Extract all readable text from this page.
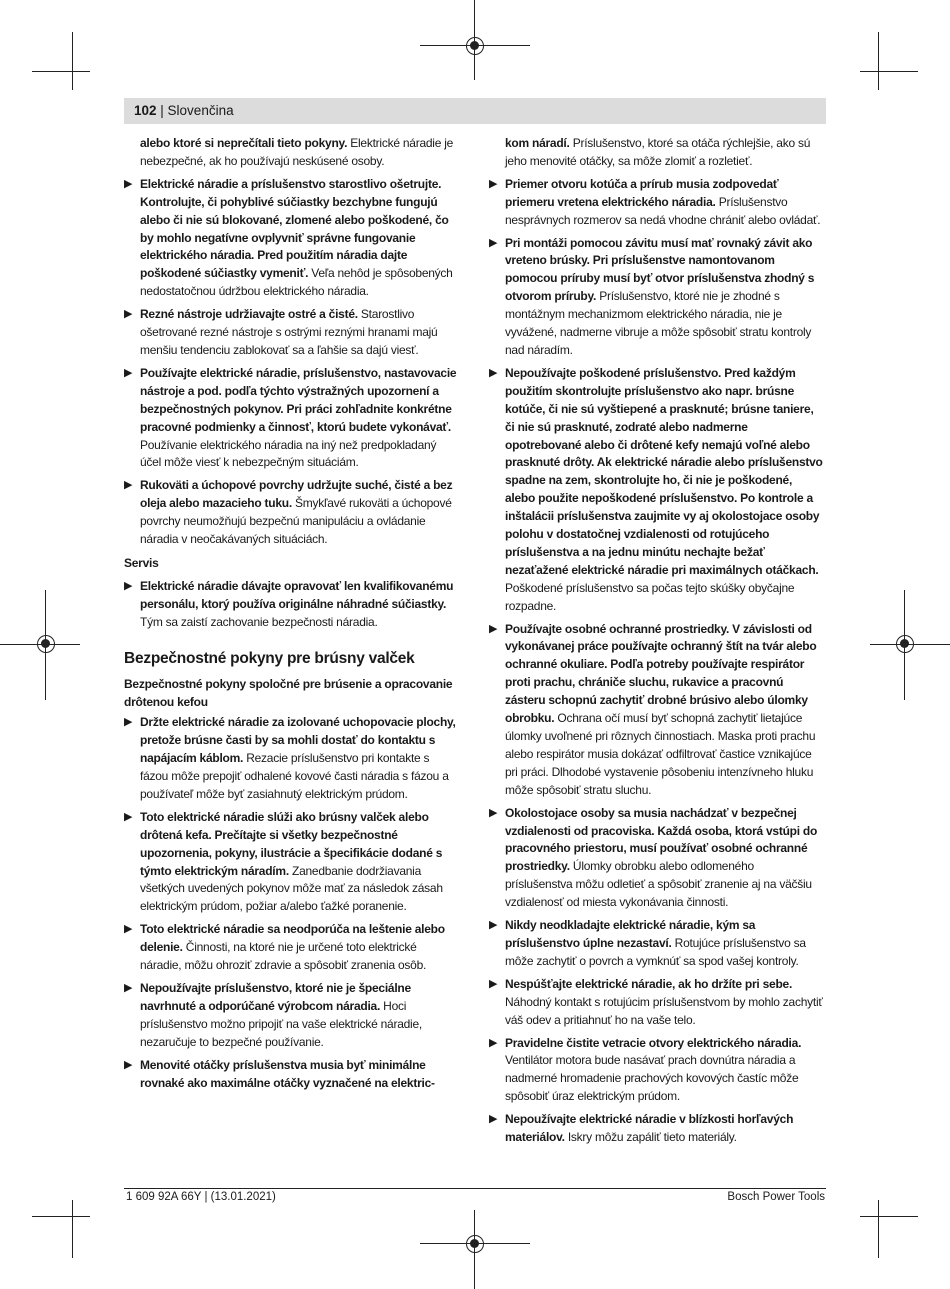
102 | Slovenčina

alebo ktoré si neprečítali tieto pokyny. Elektrické náradie je nebezpečné, ak ho používajú neskúsené osoby.

▶ Elektrické náradie a príslušenstvo starostlivo ošetrujte. Kontrolujte, či pohyblivé súčiastky bezchybne fungujú alebo či nie sú blokované, zlomené alebo poškodené, čo by mohlo negatívne ovplyvniť správne fungovanie elektrického náradia. Pred použitím náradia dajte poškodené súčiastky vymeniť. Veľa nehôd je spôsobených nedostatočnou údržbou elektrického náradia.
▶ Rezné nástroje udržiavajte ostré a čisté. Starostlivo ošetrované rezné nástroje s ostrými reznými hranami majú menšiu tendenciu zablokovať sa a ľahšie sa dajú viesť.
▶ Používajte elektrické náradie, príslušenstvo, nastavovacie nástroje a pod. podľa týchto výstražných upozornení a bezpečnostných pokynov. Pri práci zohľadnite konkrétne pracovné podmienky a činnosť, ktorú budete vykonávať. Používanie elektrického náradia na iný než predpokladaný účel môže viesť k nebezpečným situáciám.
▶ Rukoväti a úchopové povrchy udržujte suché, čisté a bez oleja alebo mazacieho tuku. Šmykľavé rukoväti a úchopové povrchy neumožňujú bezpečnú manipuláciu a ovládanie náradia v neočakávaných situáciách.
Servis
▶ Elektrické náradie dávajte opravovať len kvalifikovanému personálu, ktorý používa originálne náhradné súčiastky. Tým sa zaistí zachovanie bezpečnosti náradia.
Bezpečnostné pokyny pre brúsny valček
Bezpečnostné pokyny spoločné pre brúsenie a opracovanie drôtenou kefou
▶ Držte elektrické náradie za izolované uchopovacie plochy, pretože brúsne časti by sa mohli dostať do kontaktu s napájacím káblom. Rezacie príslušenstvo pri kontakte s fázou môže prepojiť odhalené kovové časti náradia s fázou a používateľ môže byť zasiahnutý elektrickým prúdom.
▶ Toto elektrické náradie slúži ako brúsny valček alebo drôtená kefa. Prečítajte si všetky bezpečnostné upozornenia, pokyny, ilustrácie a špecifikácie dodané s týmto elektrickým náradím. Zanedbanie dodržiavania všetkých uvedených pokynov môže mať za následok zásah elektrickým prúdom, požiar a/alebo ťažké poranenie.
▶ Toto elektrické náradie sa neodporúča na leštenie alebo delenie. Činnosti, na ktoré nie je určené toto elektrické náradie, môžu ohroziť zdravie a spôsobiť zranenia osôb.
▶ Nepoužívajte príslušenstvo, ktoré nie je špeciálne navrhnuté a odporúčané výrobcom náradia. Hoci príslušenstvo možno pripojiť na vaše elektrické náradie, nezaručuje to bezpečné používanie.
▶ Menovité otáčky príslušenstva musia byť minimálne rovnaké ako maximálne otáčky vyznačené na elektric-

kom náradí. Príslušenstvo, ktoré sa otáča rýchlejšie, ako sú jeho menovité otáčky, sa môže zlomiť a rozletieť.

▶ Priemer otvoru kotúča a prírub musia zodpovedať priemeru vretena elektrického náradia. Príslušenstvo nesprávnych rozmerov sa nedá vhodne chrániť alebo ovládať.
▶ Pri montáži pomocou závitu musí mať rovnaký závit ako vreteno brúsky. Pri príslušenstve namontovanom pomocou príruby musí byť otvor príslušenstva zhodný s otvorom príruby. Príslušenstvo, ktoré nie je zhodné s montážnym mechanizmom elektrického náradia, nie je vyvážené, nadmerne vibruje a môže spôsobiť stratu kontroly nad náradím.
▶ Nepoužívajte poškodené príslušenstvo. Pred každým použitím skontrolujte príslušenstvo ako napr. brúsne kotúče, či nie sú vyštiepené a prasknuté; brúsne taniere, či nie sú prasknuté, zodraté alebo nadmerne opotrebované alebo či drôtené kefy nemajú voľné alebo prasknuté drôty. Ak elektrické náradie alebo príslušenstvo spadne na zem, skontrolujte ho, či nie je poškodené, alebo použite nepoškodené príslušenstvo. Po kontrole a inštalácii príslušenstva zaujmite vy aj okolostojace osoby polohu v dostatočnej vzdialenosti od rotujúceho príslušenstva a na jednu minútu nechajte bežať nezaťažené elektrické náradie pri maximálnych otáčkach. Poškodené príslušenstvo sa počas tejto skúšky obyčajne rozpadne.
▶ Používajte osobné ochranné prostriedky. V závislosti od vykonávanej práce používajte ochranný štít na tvár alebo ochranné okuliare. Podľa potreby používajte respirátor proti prachu, chrániče sluchu, rukavice a pracovnú zásteru schopnú zachytiť drobné brúsivo alebo úlomky obrobku. Ochrana očí musí byť schopná zachytiť lietajúce úlomky uvoľnené pri rôznych činnostiach. Maska proti prachu alebo respirátor musia dokázať odfiltrovať častice vznikajúce pri práci. Dlhodobé vystavenie pôsobeniu intenzívneho hluku môže spôsobiť stratu sluchu.
▶ Okolostojace osoby sa musia nachádzať v bezpečnej vzdialenosti od pracoviska. Každá osoba, ktorá vstúpi do pracovného priestoru, musí používať osobné ochranné prostriedky. Úlomky obrobku alebo odlomeného príslušenstva môžu odletieť a spôsobiť zranenie aj na väčšiu vzdialenosť od miesta vykonávania činnosti.
▶ Nikdy neodkladajte elektrické náradie, kým sa príslušenstvo úplne nezastaví. Rotujúce príslušenstvo sa môže zachytiť o povrch a vymknúť sa spod vašej kontroly.
▶ Nespúšťajte elektrické náradie, ak ho držíte pri sebe. Náhodný kontakt s rotujúcim príslušenstvom by mohlo zachytiť váš odev a pritiahnuť ho na vaše telo.
▶ Pravidelne čistite vetracie otvory elektrického náradia. Ventilátor motora bude nasávať prach dovnútra náradia a nadmerné hromadenie prachových kovových častíc môže spôsobiť úraz elektrickým prúdom.
▶ Nepoužívajte elektrické náradie v blízkosti horľavých materiálov. Iskry môžu zapáliť tieto materiály.
1 609 92A 66Y | (13.01.2021)	Bosch Power Tools
